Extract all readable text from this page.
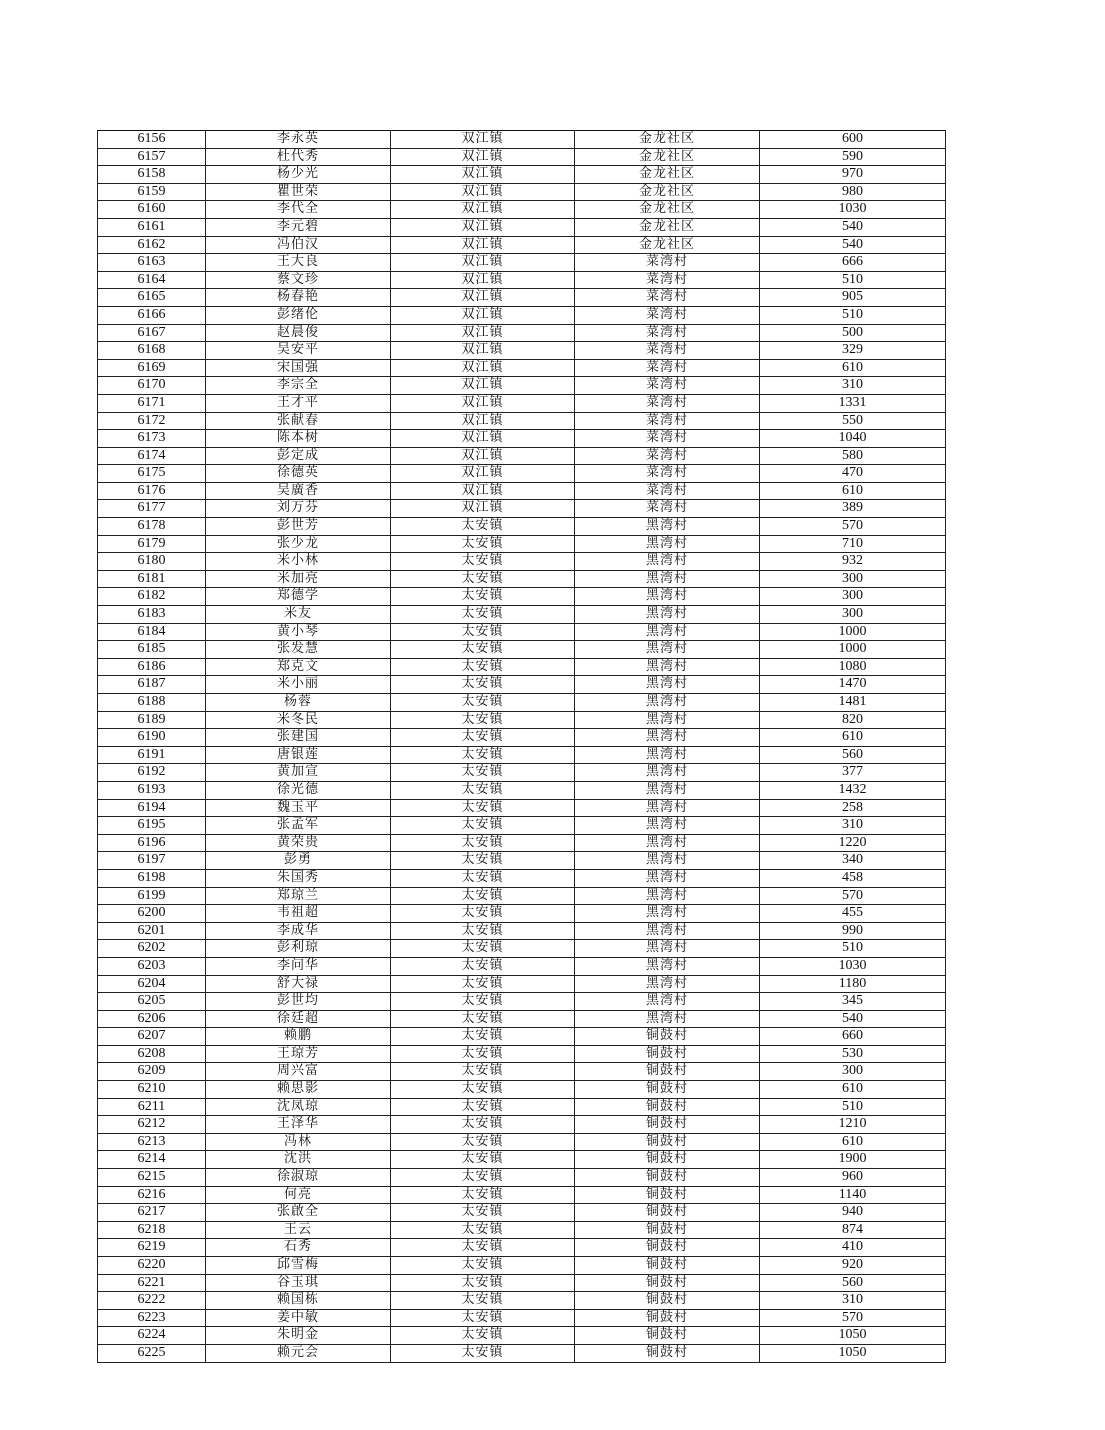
6156	李永英	双江镇	金龙社区	600
6157	杜代秀	双江镇	金龙社区	590
6158	杨少光	双江镇	金龙社区	970
6159	瞿世荣	双江镇	金龙社区	980
6160	李代全	双江镇	金龙社区	1030
6161	李元碧	双江镇	金龙社区	540
6162	冯伯汉	双江镇	金龙社区	540
6163	王大良	双江镇	菜湾村	666
6164	蔡文珍	双江镇	菜湾村	510
6165	杨春艳	双江镇	菜湾村	905
6166	彭绪伦	双江镇	菜湾村	510
6167	赵晨俊	双江镇	菜湾村	500
6168	吴安平	双江镇	菜湾村	329
6169	宋国强	双江镇	菜湾村	610
6170	李宗全	双江镇	菜湾村	310
6171	王才平	双江镇	菜湾村	1331
6172	张献春	双江镇	菜湾村	550
6173	陈本树	双江镇	菜湾村	1040
6174	彭定成	双江镇	菜湾村	580
6175	徐德英	双江镇	菜湾村	470
6176	吴廣香	双江镇	菜湾村	610
6177	刘万芬	双江镇	菜湾村	389
6178	彭世芳	太安镇	黑湾村	570
6179	张少龙	太安镇	黑湾村	710
6180	米小林	太安镇	黑湾村	932
6181	米加亮	太安镇	黑湾村	300
6182	郑德学	太安镇	黑湾村	300
6183	米友	太安镇	黑湾村	300
6184	黄小琴	太安镇	黑湾村	1000
6185	张发慧	太安镇	黑湾村	1000
6186	郑克文	太安镇	黑湾村	1080
6187	米小丽	太安镇	黑湾村	1470
6188	杨蓉	太安镇	黑湾村	1481
6189	米冬民	太安镇	黑湾村	820
6190	张建国	太安镇	黑湾村	610
6191	唐银莲	太安镇	黑湾村	560
6192	黄加宣	太安镇	黑湾村	377
6193	徐光德	太安镇	黑湾村	1432
6194	魏玉平	太安镇	黑湾村	258
6195	张孟军	太安镇	黑湾村	310
6196	黄荣贵	太安镇	黑湾村	1220
6197	彭勇	太安镇	黑湾村	340
6198	朱国秀	太安镇	黑湾村	458
6199	郑琼兰	太安镇	黑湾村	570
6200	韦祖超	太安镇	黑湾村	455
6201	李成华	太安镇	黑湾村	990
6202	彭利琼	太安镇	黑湾村	510
6203	李问华	太安镇	黑湾村	1030
6204	舒大禄	太安镇	黑湾村	1180
6205	彭世均	太安镇	黑湾村	345
6206	徐廷超	太安镇	黑湾村	540
6207	赖鹏	太安镇	铜鼓村	660
6208	王琼芳	太安镇	铜鼓村	530
6209	周兴富	太安镇	铜鼓村	300
6210	赖思影	太安镇	铜鼓村	610
6211	沈凤琼	太安镇	铜鼓村	510
6212	王泽华	太安镇	铜鼓村	1210
6213	冯林	太安镇	铜鼓村	610
6214	沈洪	太安镇	铜鼓村	1900
6215	徐淑琼	太安镇	铜鼓村	960
6216	何亮	太安镇	铜鼓村	1140
6217	张啟全	太安镇	铜鼓村	940
6218	王云	太安镇	铜鼓村	874
6219	石秀	太安镇	铜鼓村	410
6220	邱雪梅	太安镇	铜鼓村	920
6221	谷玉琪	太安镇	铜鼓村	560
6222	赖国栋	太安镇	铜鼓村	310
6223	姜中敏	太安镇	铜鼓村	570
6224	朱明金	太安镇	铜鼓村	1050
6225	赖元会	太安镇	铜鼓村	1050
